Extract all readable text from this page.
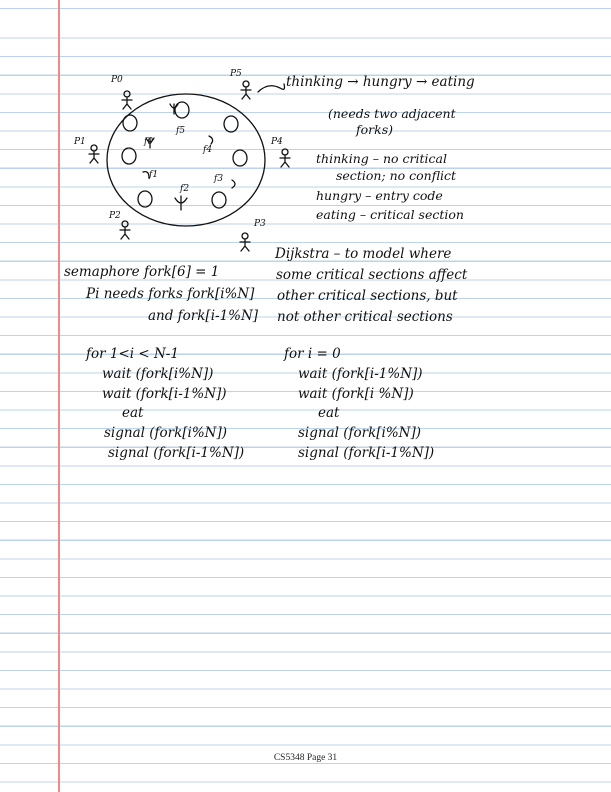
f0
f1
f2
f3
f4
f5
P0
P1
P2
P3
P4
P5	thinking → hungry → eating
(needs two adjacent
forks)
thinking – no critical
section; no conflict
hungry – entry code
eating – critical section
Dijkstra – to model where
some critical sections affect
other critical sections, but
not other critical sections
semaphore fork[6] = 1
Pi needs forks fork[i%N]
and fork[i-1%N]
for 1<i < N-1
wait (fork[i%N])
wait (fork[i-1%N])
eat
signal (fork[i%N])
signal (fork[i-1%N])
for i = 0
wait (fork[i-1%N])
wait (fork[i %N])
eat
signal (fork[i%N])
signal (fork[i-1%N])
CS5348 Page 31
